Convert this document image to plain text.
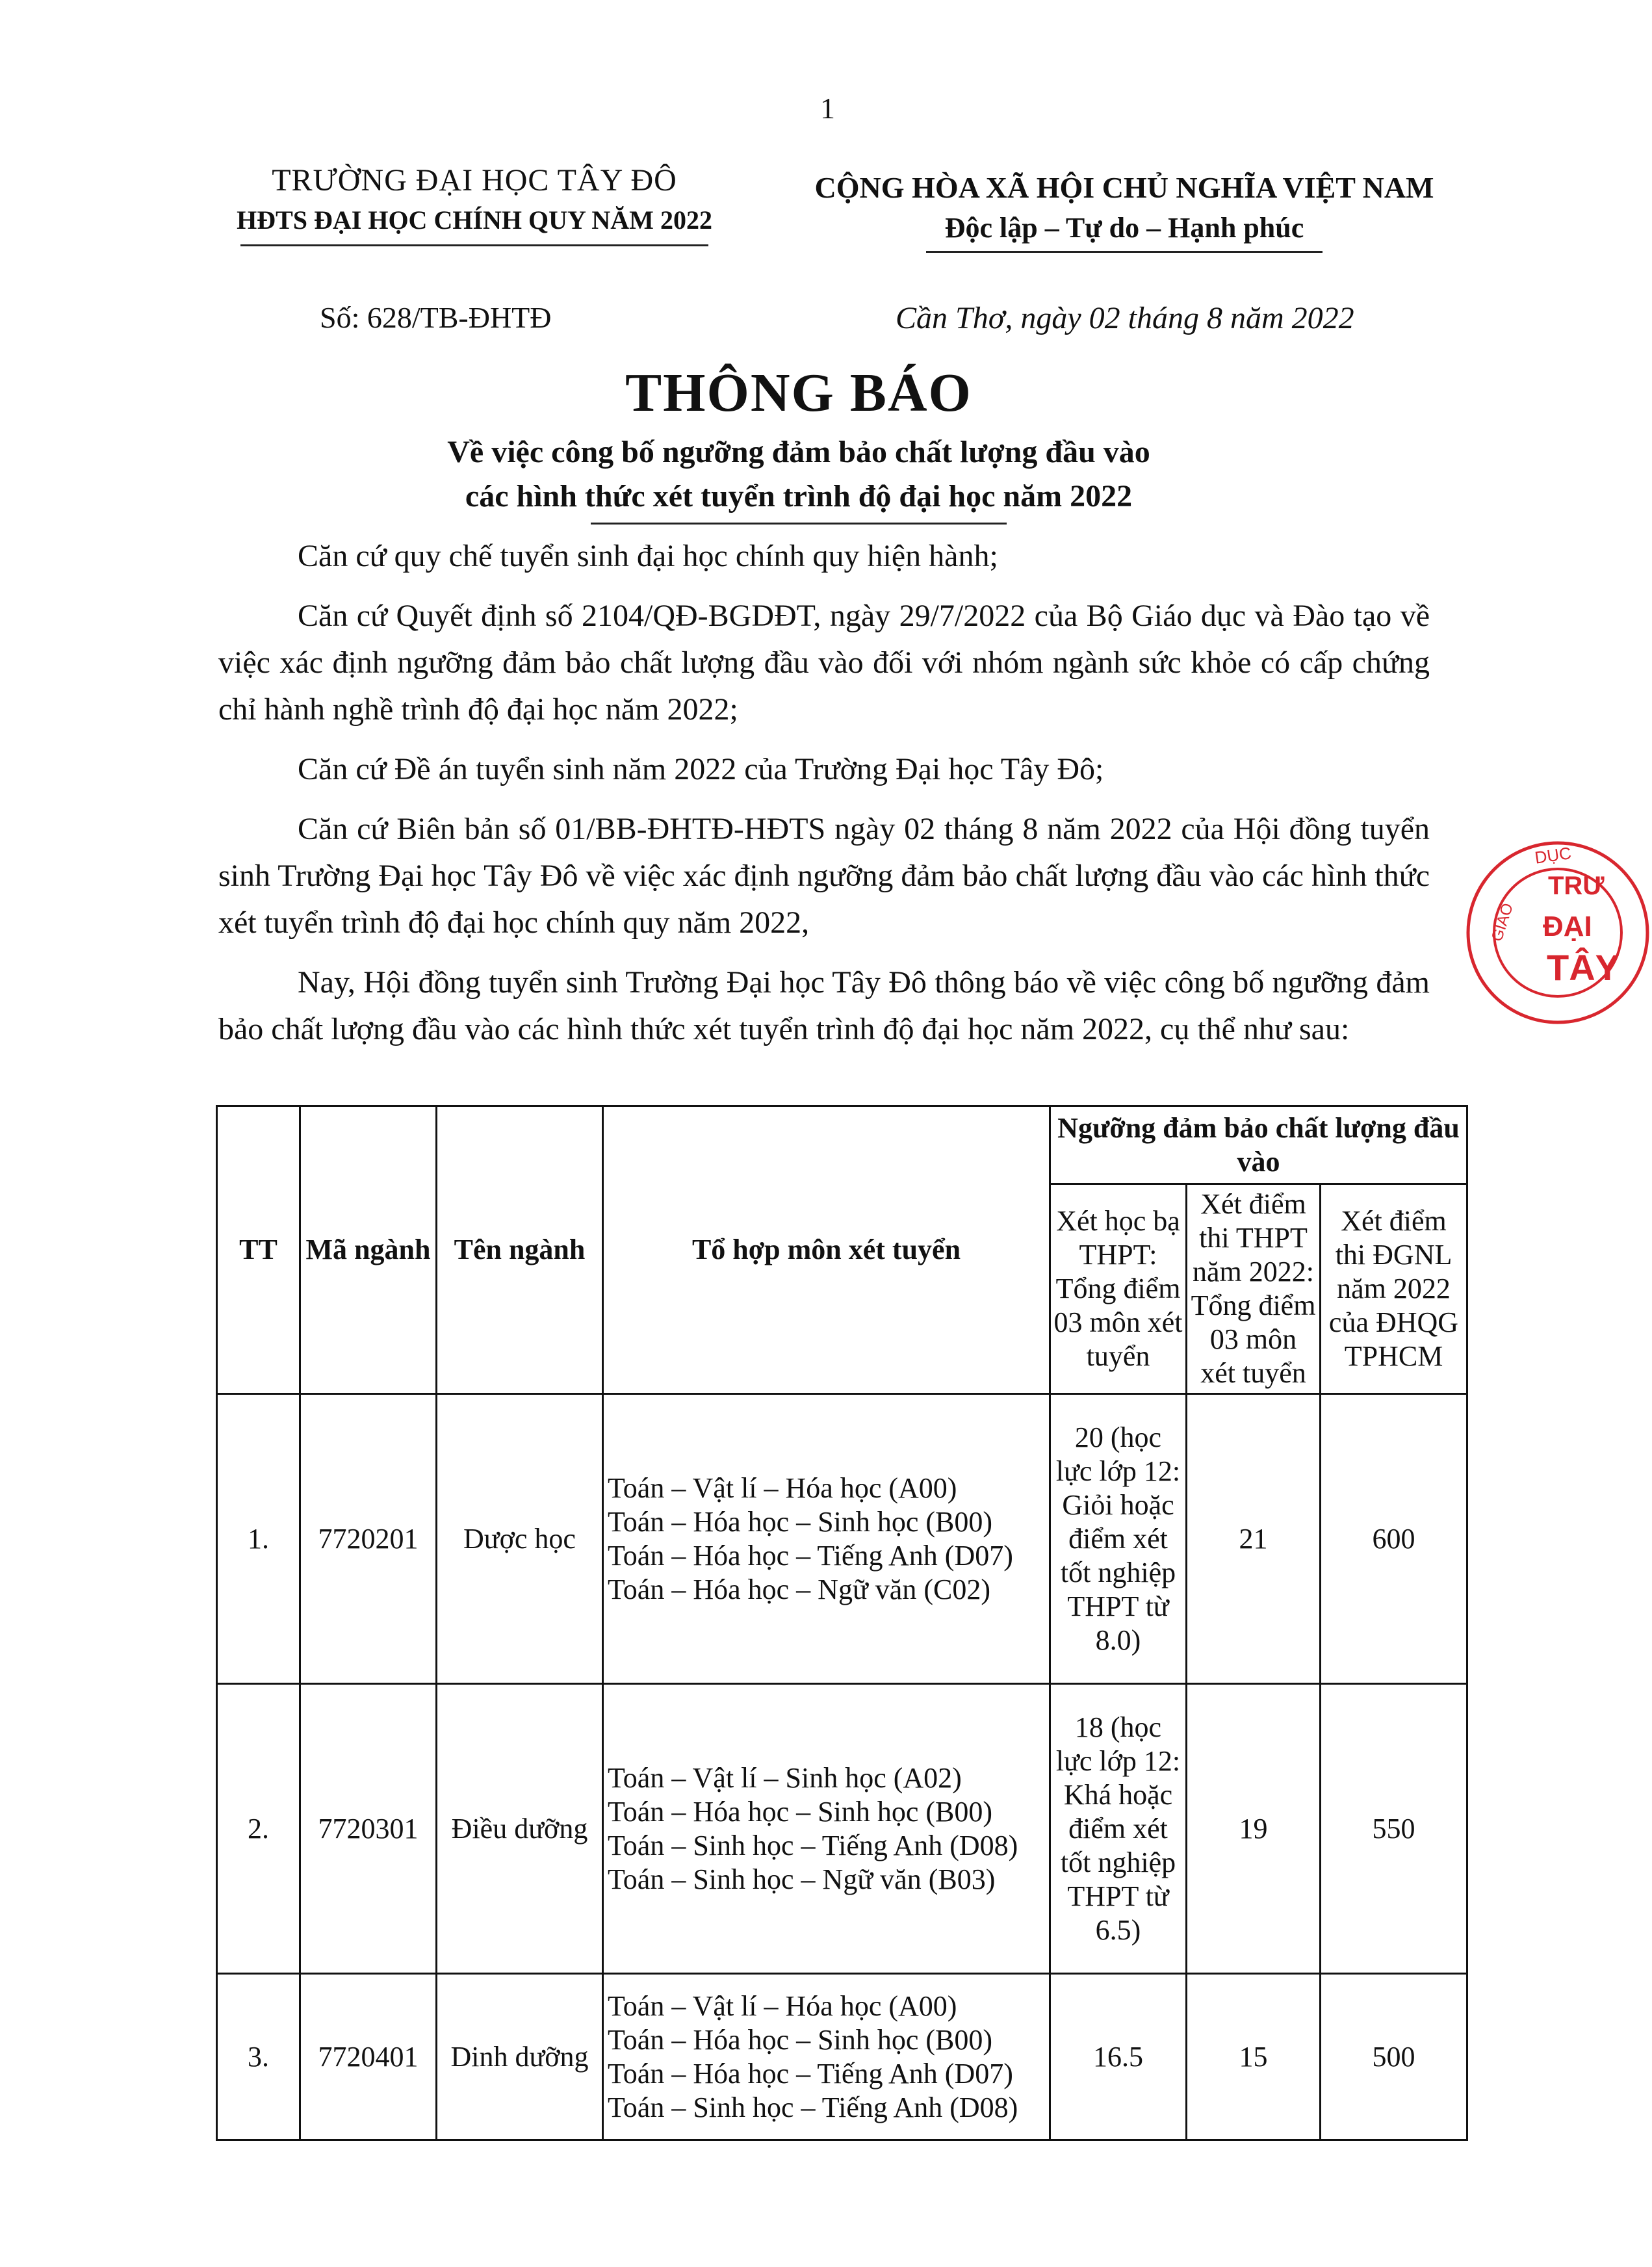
1
TRƯỜNG ĐẠI HỌC TÂY ĐÔ
HĐTS ĐẠI HỌC CHÍNH QUY NĂM 2022
CỘNG HÒA XÃ HỘI CHỦ NGHĨA VIỆT NAM
Độc lập – Tự do – Hạnh phúc
Số: 628/TB-ĐHTĐ	Cần Thơ, ngày 02 tháng 8 năm 2022
THÔNG BÁO
Về việc công bố ngưỡng đảm bảo chất lượng đầu vào
các hình thức xét tuyển trình độ đại học năm 2022

Căn cứ quy chế tuyển sinh đại học chính quy hiện hành;

Căn cứ Quyết định số 2104/QĐ-BGDĐT, ngày 29/7/2022 của Bộ Giáo dục và Đào tạo về việc xác định ngưỡng đảm bảo chất lượng đầu vào đối với nhóm ngành sức khỏe có cấp chứng chỉ hành nghề trình độ đại học năm 2022;

Căn cứ Đề án tuyển sinh năm 2022 của Trường Đại học Tây Đô;

Căn cứ Biên bản số 01/BB-ĐHTĐ-HĐTS ngày 02 tháng 8 năm 2022 của Hội đồng tuyển sinh Trường Đại học Tây Đô về việc xác định ngưỡng đảm bảo chất lượng đầu vào các hình thức xét tuyển trình độ đại học chính quy năm 2022,

Nay, Hội đồng tuyển sinh Trường Đại học Tây Đô thông báo về việc công bố ngưỡng đảm bảo chất lượng đầu vào các hình thức xét tuyển trình độ đại học năm 2022, cụ thể như sau:

TT	Mã ngành	Tên ngành	Tổ hợp môn xét tuyển	Ngưỡng đảm bảo chất lượng đầu vào		
				Xét học bạ THPT: Tổng điểm 03 môn xét tuyển	Xét điểm thi THPT năm 2022: Tổng điểm 03 môn xét tuyển	Xét điểm thi ĐGNL năm 2022 của ĐHQG TPHCM
1.	7720201	Dược học	Toán – Vật lí – Hóa học (A00)
Toán – Hóa học – Sinh học (B00)
Toán – Hóa học – Tiếng Anh (D07)
Toán – Hóa học – Ngữ văn (C02)	20 (học lực lớp 12: Giỏi hoặc điểm xét tốt nghiệp THPT từ 8.0)	21	600
2.	7720301	Điều dưỡng	Toán – Vật lí – Sinh học (A02)
Toán – Hóa học – Sinh học (B00)
Toán – Sinh học – Tiếng Anh (D08)
Toán – Sinh học – Ngữ văn (B03)	18 (học lực lớp 12: Khá hoặc điểm xét tốt nghiệp THPT từ 6.5)	19	550
3.	7720401	Dinh dưỡng	Toán – Vật lí – Hóa học (A00)
Toán – Hóa học – Sinh học (B00)
Toán – Hóa học – Tiếng Anh (D07)
Toán – Sinh học – Tiếng Anh (D08)	16.5	15	500
TRƯ
ĐẠI
TÂY
GIÁO
DỤC
